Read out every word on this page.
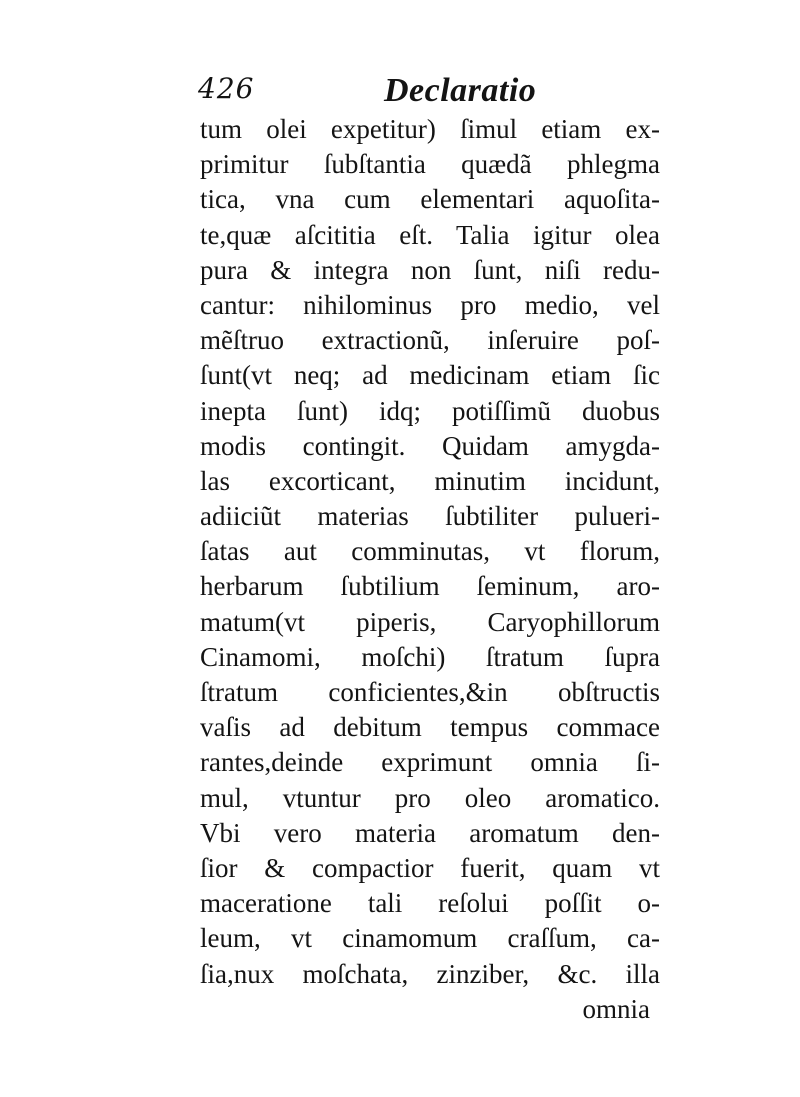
426	Declaratio
tum olei expetitur) ſimul etiam ex-
primitur ſubſtantia quædã phlegma
tica, vna cum elementari aquoſita-
te,quæ aſcititia eſt. Talia igitur olea
pura & integra non ſunt, niſi redu-
cantur: nihilominus pro medio, vel
mẽſtruo extractionũ, inſeruire poſ-
ſunt(vt neq; ad medicinam etiam ſic
inepta ſunt) idq; potiſſimũ duobus
modis contingit. Quidam amygda-
las excorticant, minutim incidunt,
adiiciũt materias ſubtiliter pulueri-
ſatas aut comminutas, vt florum,
herbarum ſubtilium ſeminum, aro-
matum(vt piperis, Caryophillorum
Cinamomi, moſchi) ſtratum ſupra
ſtratum conficientes,&in obſtructis
vaſis ad debitum tempus commace
rantes,deinde exprimunt omnia ſi-
mul, vtuntur pro oleo aromatico.
Vbi vero materia aromatum den-
ſior & compactior fuerit, quam vt
maceratione tali reſolui poſſit o-
leum, vt cinamomum craſſum, ca-
ſia,nux moſchata, zinziber, &c. illa
omnia
